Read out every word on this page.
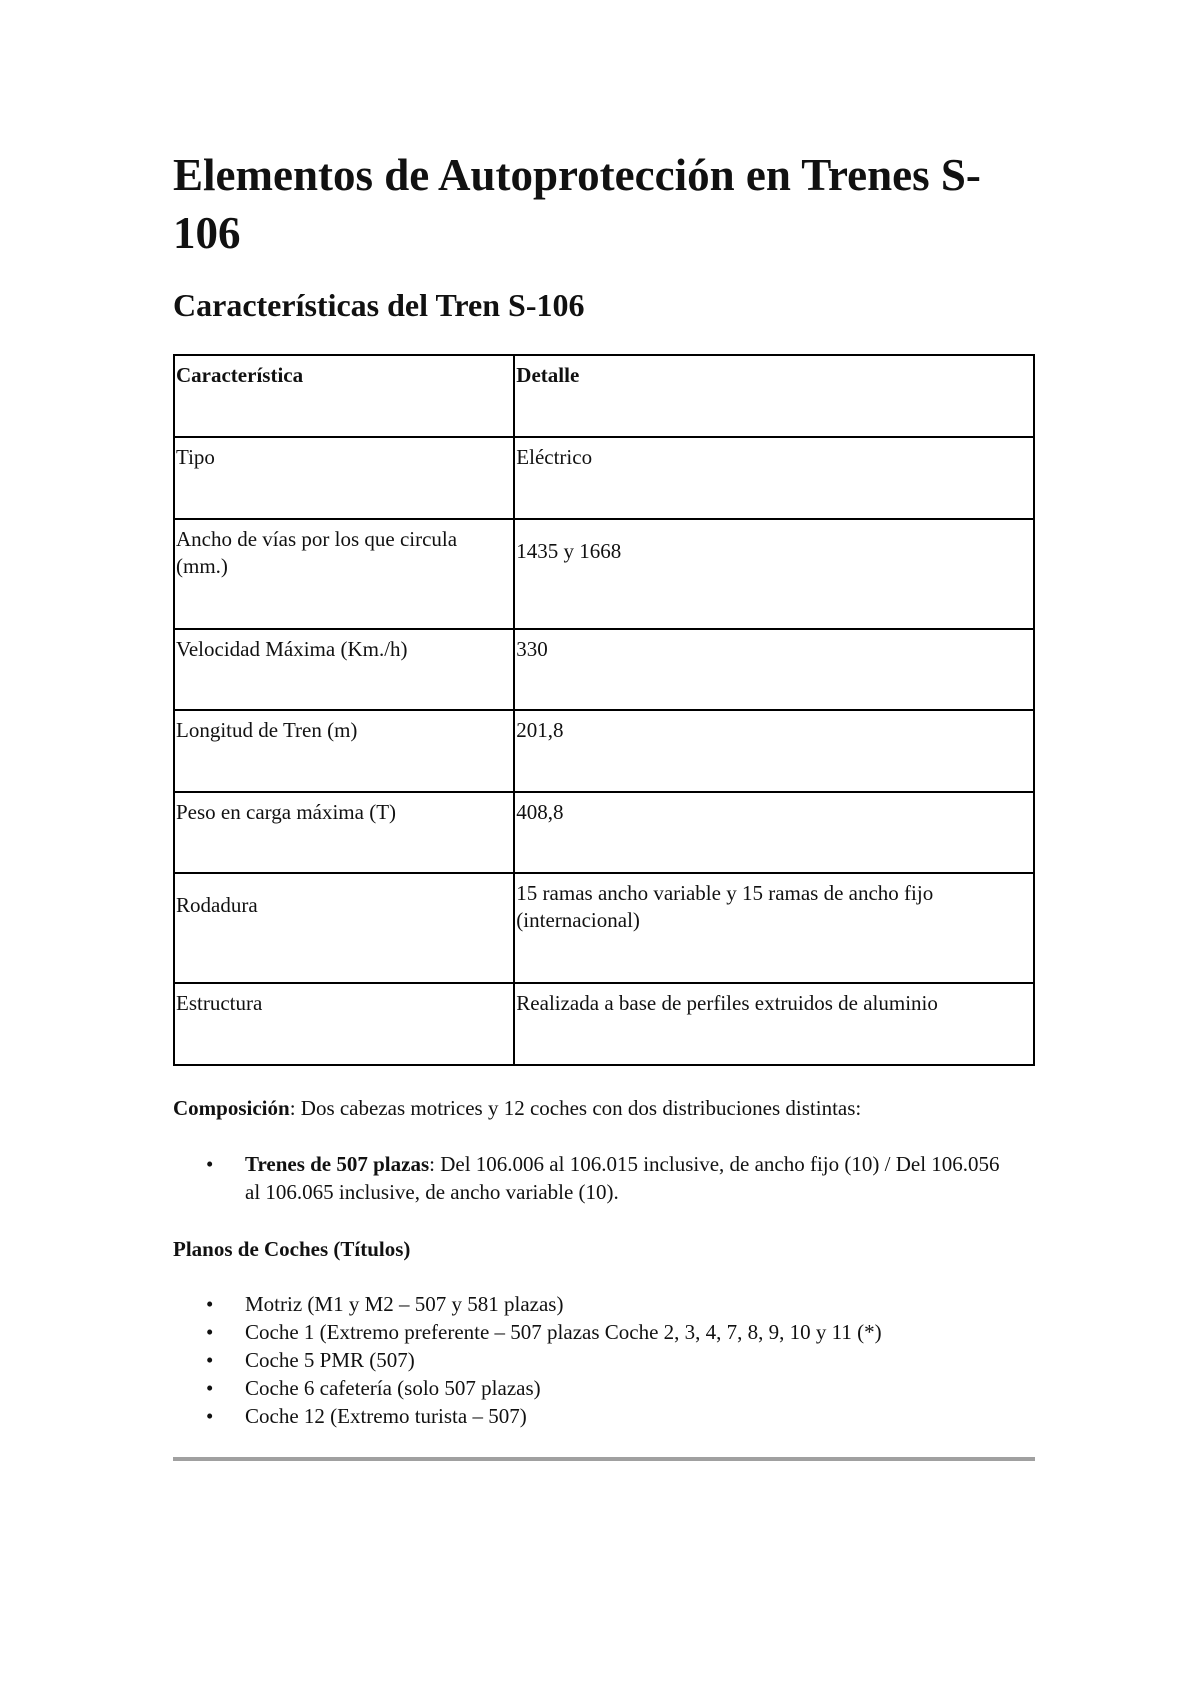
Elementos de Autoprotección en Trenes S-106
Características del Tren S-106
Característica	Detalle
Tipo	Eléctrico
Ancho de vías por los que circula (mm.)	1435 y 1668
Velocidad Máxima (Km./h)	330
Longitud de Tren (m)	201,8
Peso en carga máxima (T)	408,8
Rodadura	15 ramas ancho variable y 15 ramas de ancho fijo (internacional)
Estructura	Realizada a base de perfiles extruidos de aluminio
Composición: Dos cabezas motrices y 12 coches con dos distribuciones distintas:
• Trenes de 507 plazas: Del 106.006 al 106.015 inclusive, de ancho fijo (10) / Del 106.056 al 106.065 inclusive, de ancho variable (10).
Planos de Coches (Títulos)
• Motriz (M1 y M2 – 507 y 581 plazas)
• Coche 1 (Extremo preferente – 507 plazas Coche 2, 3, 4, 7, 8, 9, 10 y 11 (*)
• Coche 5 PMR (507)
• Coche 6 cafetería (solo 507 plazas)
• Coche 12 (Extremo turista – 507)
